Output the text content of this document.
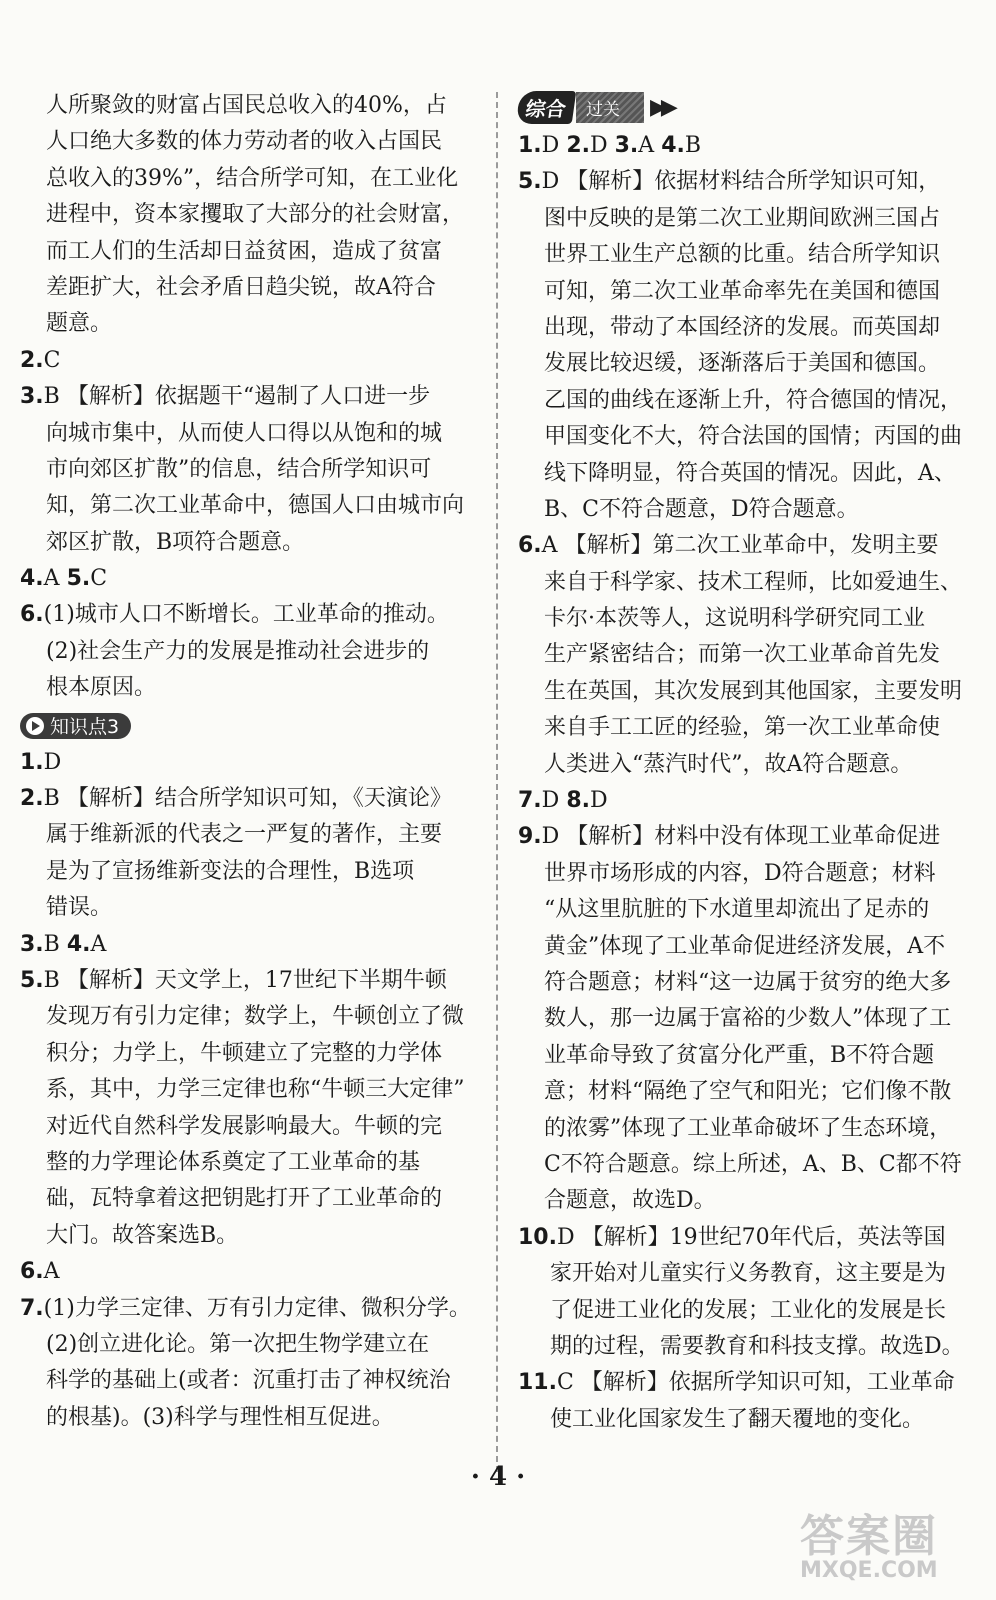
人所聚敛的财富占国民总收入的40%，占
人口绝大多数的体力劳动者的收入占国民
总收入的39%”，结合所学可知，在工业化
进程中，资本家攫取了大部分的社会财富，
而工人们的生活却日益贫困，造成了贫富
差距扩大，社会矛盾日趋尖锐，故A符合
题意。
2.C
3.B 【解析】依据题干“遏制了人口进一步
向城市集中，从而使人口得以从饱和的城
市向郊区扩散”的信息，结合所学知识可
知，第二次工业革命中，德国人口由城市向
郊区扩散，B项符合题意。
4.A 5.C
6.(1)城市人口不断增长。工业革命的推动。
(2)社会生产力的发展是推动社会进步的
根本原因。
知识点3
1.D
2.B 【解析】结合所学知识可知，《天演论》
属于维新派的代表之一严复的著作，主要
是为了宣扬维新变法的合理性，B选项
错误。
3.B 4.A
5.B 【解析】天文学上，17世纪下半期牛顿
发现万有引力定律；数学上，牛顿创立了微
积分；力学上，牛顿建立了完整的力学体
系，其中，力学三定律也称“牛顿三大定律”
对近代自然科学发展影响最大。牛顿的完
整的力学理论体系奠定了工业革命的基
础，瓦特拿着这把钥匙打开了工业革命的
大门。故答案选B。
6.A
7.(1)力学三定律、万有引力定律、微积分学。
(2)创立进化论。第一次把生物学建立在
科学的基础上(或者：沉重打击了神权统治
的根基)。(3)科学与理性相互促进。
综合	过关	▶▶
1.D 2.D 3.A 4.B
5.D 【解析】依据材料结合所学知识可知，
图中反映的是第二次工业期间欧洲三国占
世界工业生产总额的比重。结合所学知识
可知，第二次工业革命率先在美国和德国
出现，带动了本国经济的发展。而英国却
发展比较迟缓，逐渐落后于美国和德国。
乙国的曲线在逐渐上升，符合德国的情况，
甲国变化不大，符合法国的国情；丙国的曲
线下降明显，符合英国的情况。因此，A、
B、C不符合题意，D符合题意。
6.A 【解析】第二次工业革命中，发明主要
来自于科学家、技术工程师，比如爱迪生、
卡尔·本茨等人，这说明科学研究同工业
生产紧密结合；而第一次工业革命首先发
生在英国，其次发展到其他国家，主要发明
来自手工工匠的经验，第一次工业革命使
人类进入“蒸汽时代”，故A符合题意。
7.D 8.D
9.D 【解析】材料中没有体现工业革命促进
世界市场形成的内容，D符合题意；材料
“从这里肮脏的下水道里却流出了足赤的
黄金”体现了工业革命促进经济发展，A不
符合题意；材料“这一边属于贫穷的绝大多
数人，那一边属于富裕的少数人”体现了工
业革命导致了贫富分化严重，B不符合题
意；材料“隔绝了空气和阳光；它们像不散
的浓雾”体现了工业革命破坏了生态环境，
C不符合题意。综上所述，A、B、C都不符
合题意，故选D。
10.D 【解析】19世纪70年代后，英法等国
家开始对儿童实行义务教育，这主要是为
了促进工业化的发展；工业化的发展是长
期的过程，需要教育和科技支撑。故选D。
11.C 【解析】依据所学知识可知，工业革命
使工业化国家发生了翻天覆地的变化。
· 4 ·
答案圈
MXQE.COM
